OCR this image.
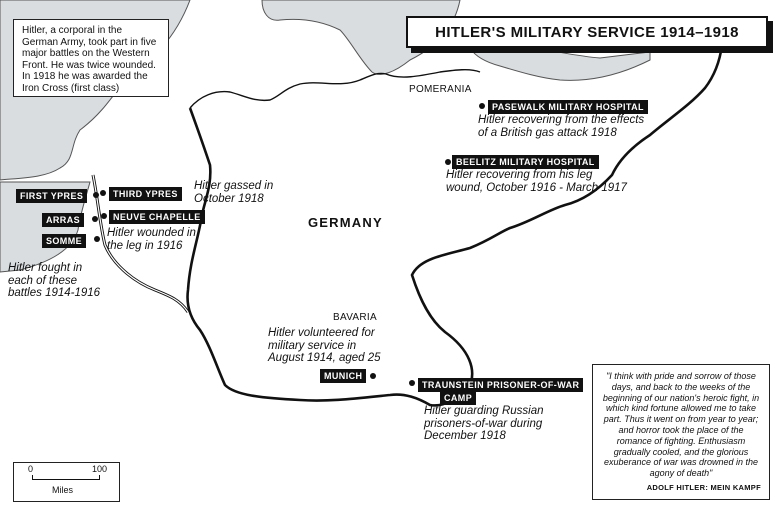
HITLER'S MILITARY SERVICE 1914–1918
Hitler, a corporal in the German Army, took part in five major battles on the Western Front. He was twice wounded. In 1918 he was awarded the Iron Cross (first class)	POMERANIA
BAVARIA
GERMANY
FIRST YPRES	THIRD YPRES
ARRAS	NEUVE CHAPELLE
SOMME
Hitler fought in
each of these
battles 1914-1916
Hitler gassed in
October 1918
Hitler wounded in
the leg in 1916
PASEWALK MILITARY HOSPITAL
Hitler recovering from the effects
of a British gas attack 1918
BEELITZ MILITARY HOSPITAL
Hitler recovering from his leg
wound, October 1916 - March 1917
Hitler volunteered for
military service in
August 1914, aged 25
MUNICH
TRAUNSTEIN PRISONER-OF-WAR
CAMP
Hitler guarding Russian
prisoners-of-war during
December 1918
"I think with pride and sorrow of those days, and back to the weeks of the beginning of our nation's heroic fight, in which kind fortune allowed me to take part. Thus it went on from year to year; and horror took the place of the romance of fighting. Enthusiasm gradually cooled, and the glorious exuberance of war was drowned in the agony of death"
ADOLF HITLER: MEIN KAMPF
0	100
Miles
